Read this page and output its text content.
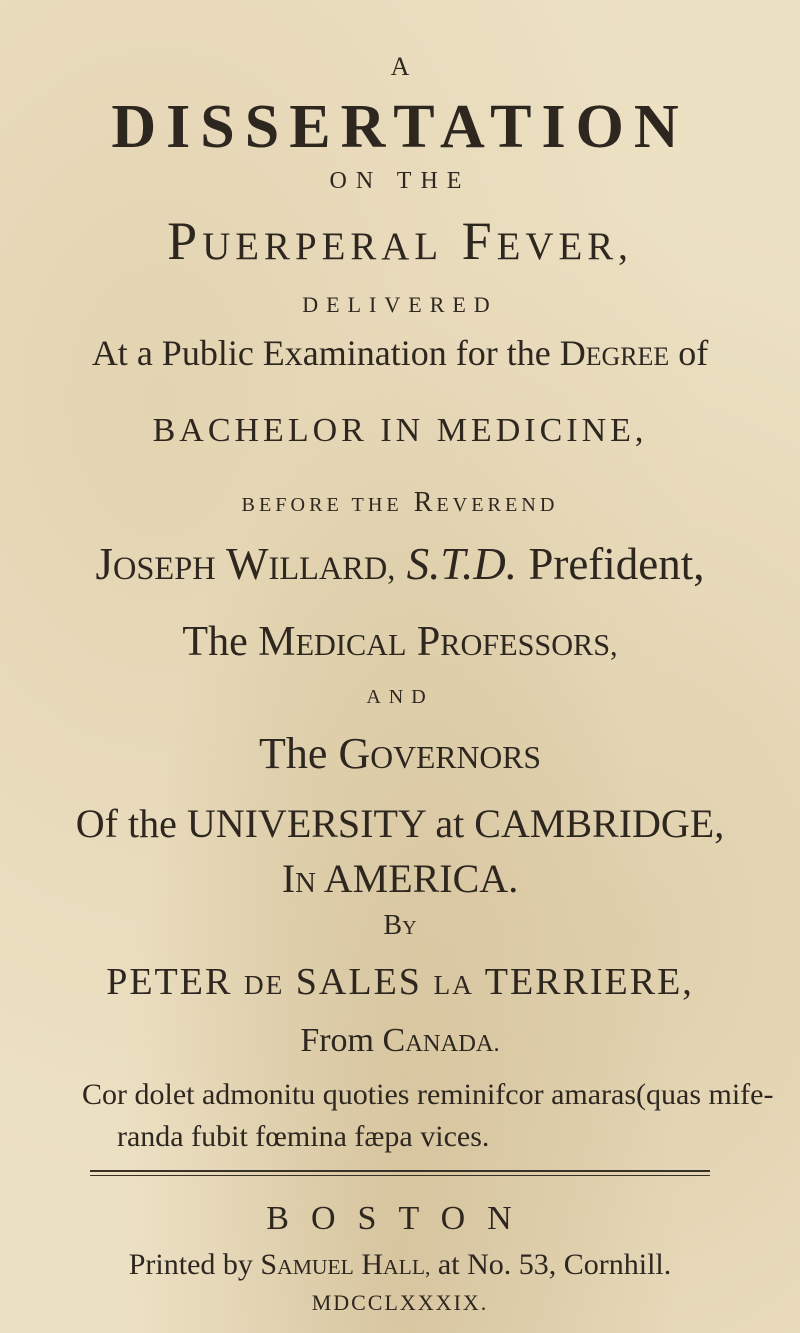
A
DISSERTATION
ON THE
PUERPERAL FEVER,
DELIVERED
At a Public Examination for the DEGREE of
BACHELOR IN MEDICINE,
BEFORE THE REVEREND
JOSEPH WILLARD, S.T.D. Prefident,
The MEDICAL PROFESSORS,
AND
The GOVERNORS
Of the UNIVERSITY at CAMBRIDGE,
IN AMERICA.
BY
PETER DE SALES LA TERRIERE,
From CANADA.
Cor dolet admonitu quoties reminifcor amaras(quas mife-
randa fubit fœmina fæpa vices.
BOSTON
Printed by SAMUEL HALL, at No. 53, Cornhill.
MDCCLXXXIX.
